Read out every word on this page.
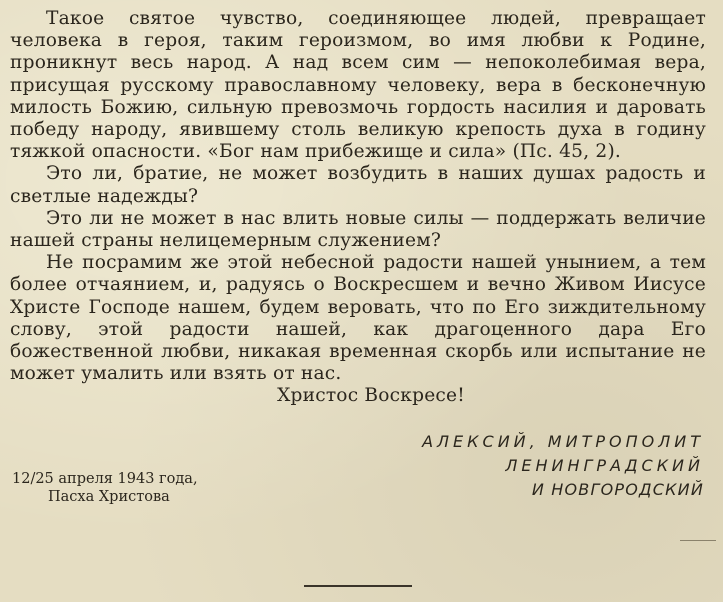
Такое святое чувство, соединяющее людей, превращает человека в героя, таким героизмом, во имя любви к Родине, проникнут весь народ. А над всем сим — непоколебимая вера, присущая русскому православному человеку, вера в бесконечную милость Божию, сильную превозмочь гордость насилия и даровать победу народу, явившему столь великую крепость духа в годину тяжкой опасности. «Бог нам прибежище и сила» (Пс. 45, 2).

Это ли, братие, не может возбудить в наших душах радость и светлые надежды?

Это ли не может в нас влить новые силы — поддержать величие нашей страны нелицемерным служением?

Не посрамим же этой небесной радости нашей унынием, а тем более отчаянием, и, радуясь о Воскресшем и вечно Живом Иисусе Христе Господе нашем, будем веровать, что по Его зиждительному слову, этой радости нашей, как драгоценного дара Его божественной любви, никакая временная скорбь или испытание не может умалить или взять от нас.

Христос Воскресе!

АЛЕКСИЙ, МИТРОПОЛИТ ЛЕНИНГРАДСКИЙ
И НОВГОРОДСКИЙ
12/25 апреля 1943 года,
Пасха Христова
